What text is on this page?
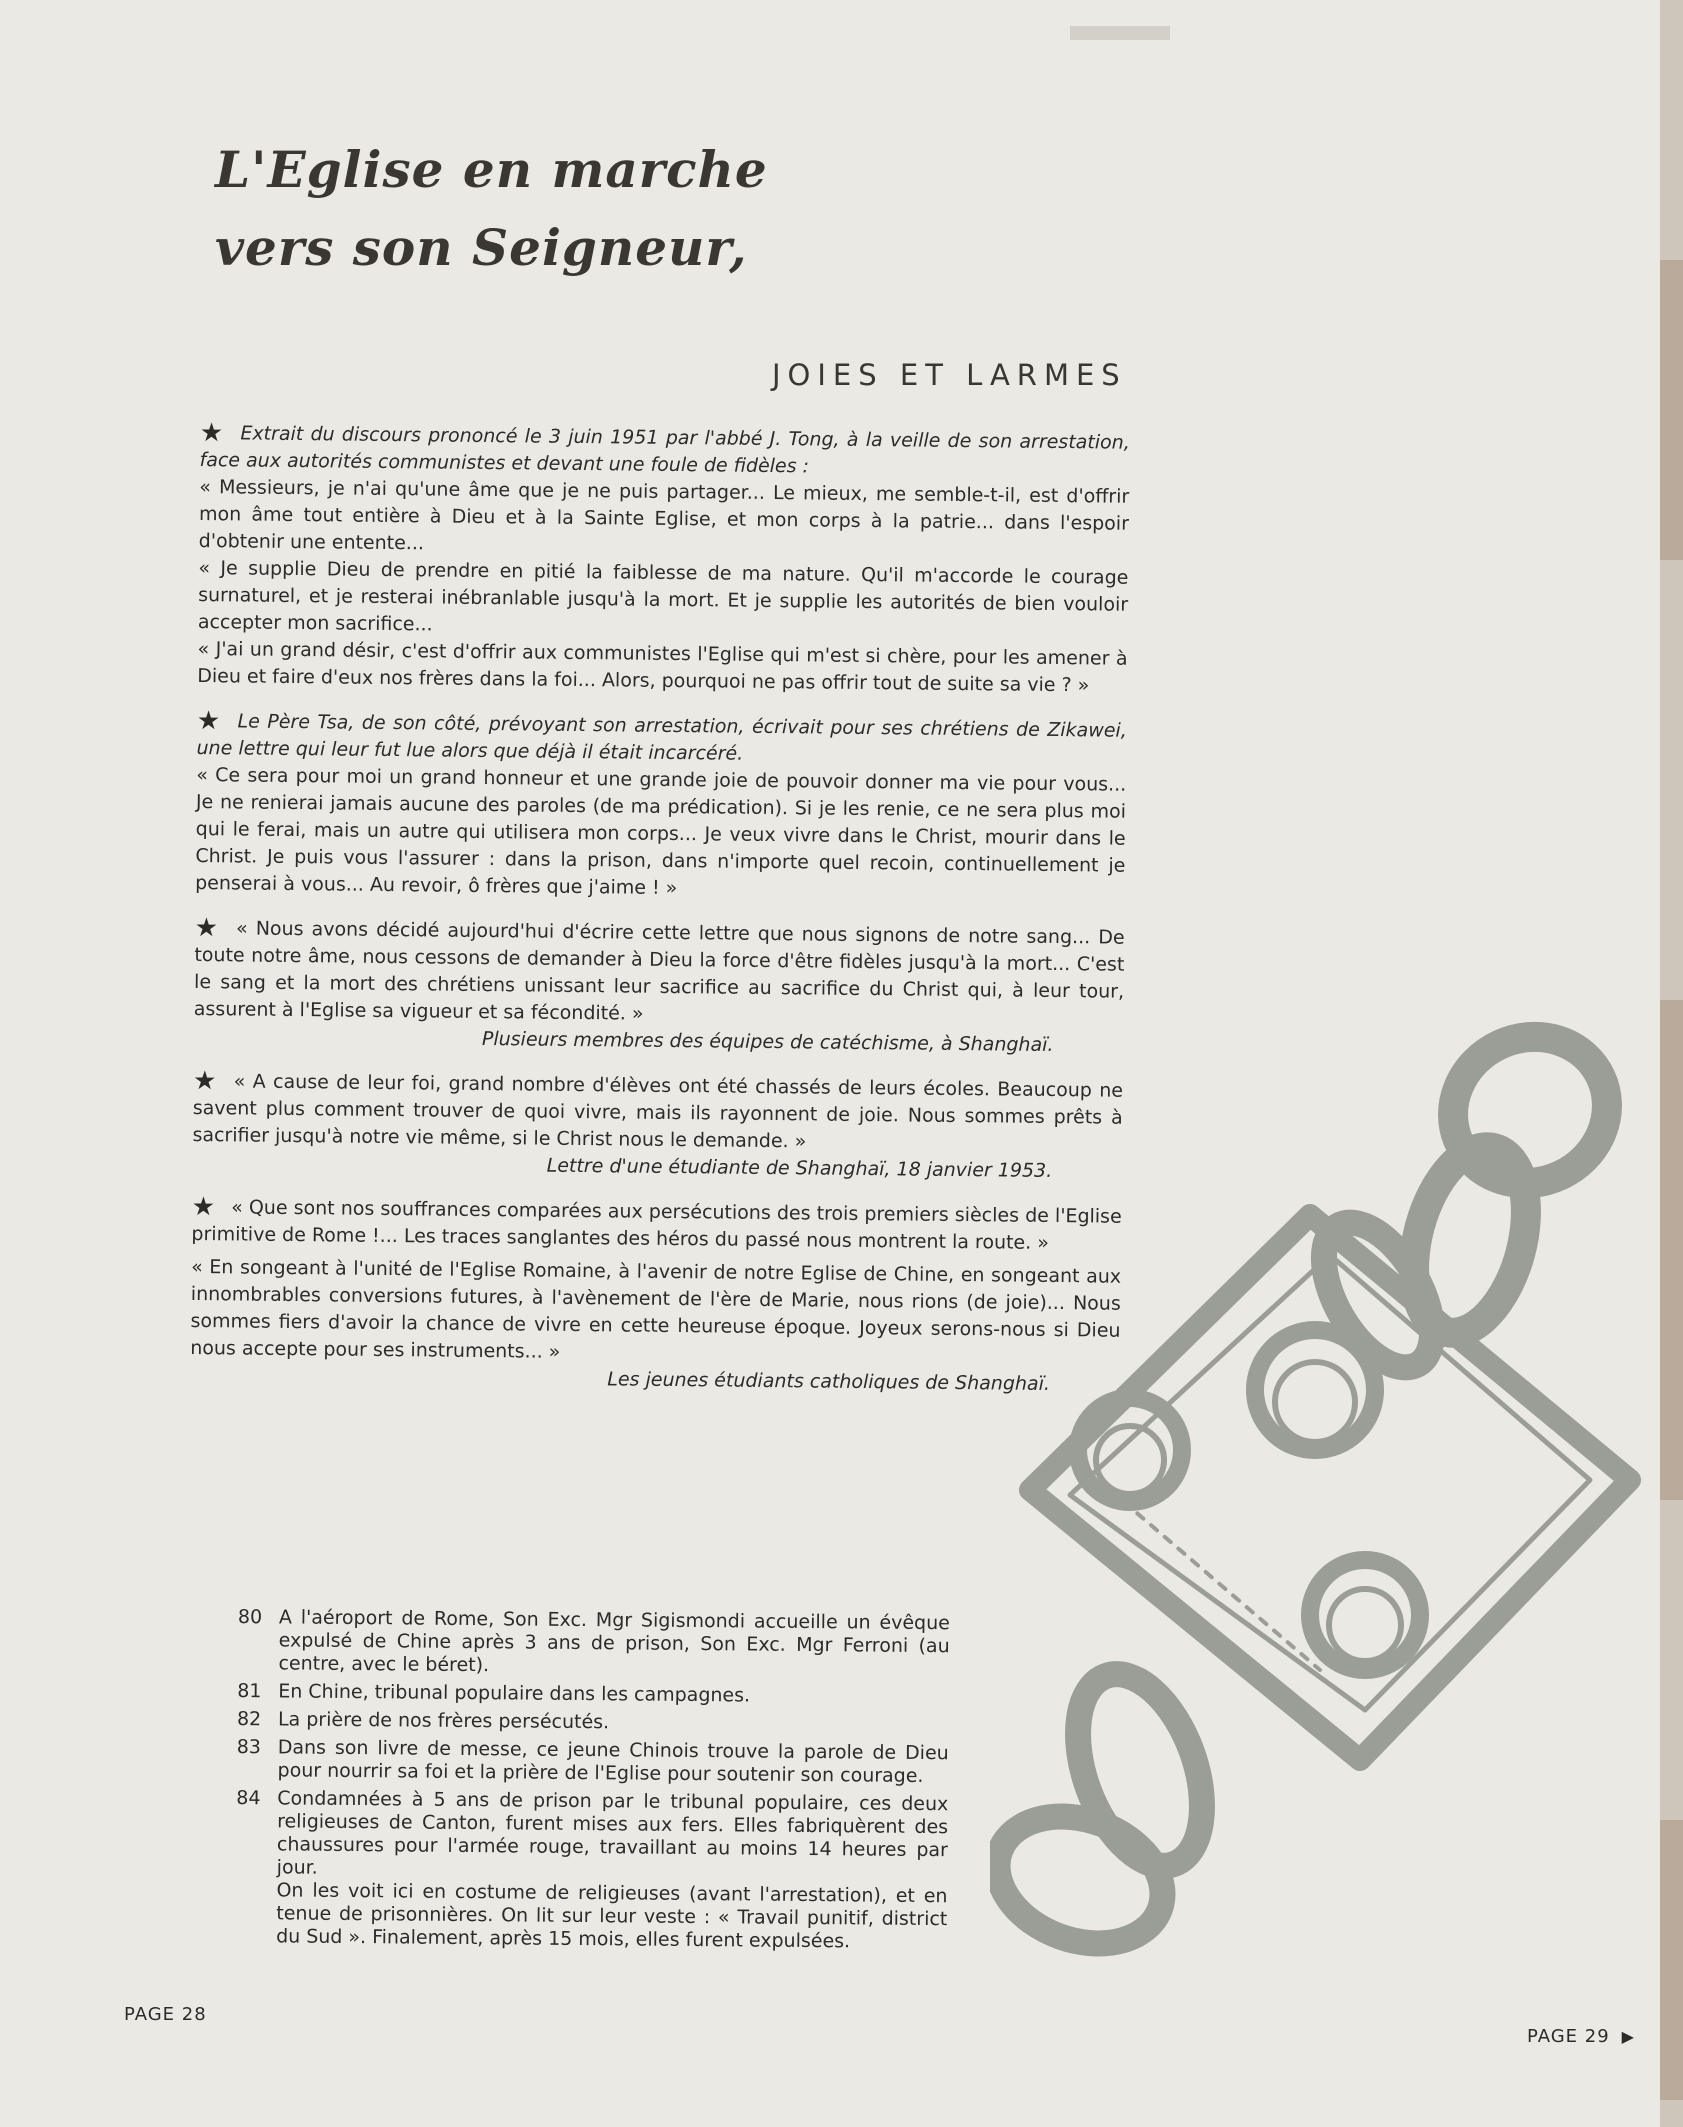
L'Eglise en marche
vers son Seigneur,
JOIES ET LARMES

★ Extrait du discours prononcé le 3 juin 1951 par l'abbé J. Tong, à la veille de son arrestation, face aux autorités communistes et devant une foule de fidèles :

« Messieurs, je n'ai qu'une âme que je ne puis partager... Le mieux, me semble-t-il, est d'offrir mon âme tout entière à Dieu et à la Sainte Eglise, et mon corps à la patrie... dans l'espoir d'obtenir une entente...

« Je supplie Dieu de prendre en pitié la faiblesse de ma nature. Qu'il m'accorde le courage surnaturel, et je resterai inébranlable jusqu'à la mort. Et je supplie les autorités de bien vouloir accepter mon sacrifice...

« J'ai un grand désir, c'est d'offrir aux communistes l'Eglise qui m'est si chère, pour les amener à Dieu et faire d'eux nos frères dans la foi... Alors, pourquoi ne pas offrir tout de suite sa vie ? »

★ Le Père Tsa, de son côté, prévoyant son arrestation, écrivait pour ses chrétiens de Zikawei, une lettre qui leur fut lue alors que déjà il était incarcéré.

« Ce sera pour moi un grand honneur et une grande joie de pouvoir donner ma vie pour vous... Je ne renierai jamais aucune des paroles (de ma prédication). Si je les renie, ce ne sera plus moi qui le ferai, mais un autre qui utilisera mon corps... Je veux vivre dans le Christ, mourir dans le Christ. Je puis vous l'assurer : dans la prison, dans n'importe quel recoin, continuellement je penserai à vous... Au revoir, ô frères que j'aime ! »

★ « Nous avons décidé aujourd'hui d'écrire cette lettre que nous signons de notre sang... De toute notre âme, nous cessons de demander à Dieu la force d'être fidèles jusqu'à la mort... C'est le sang et la mort des chrétiens unissant leur sacrifice au sacrifice du Christ qui, à leur tour, assurent à l'Eglise sa vigueur et sa fécondité. »

Plusieurs membres des équipes de catéchisme, à Shanghaï.

★ « A cause de leur foi, grand nombre d'élèves ont été chassés de leurs écoles. Beaucoup ne savent plus comment trouver de quoi vivre, mais ils rayonnent de joie. Nous sommes prêts à sacrifier jusqu'à notre vie même, si le Christ nous le demande. »

Lettre d'une étudiante de Shanghaï, 18 janvier 1953.

★ « Que sont nos souffrances comparées aux persécutions des trois premiers siècles de l'Eglise primitive de Rome !... Les traces sanglantes des héros du passé nous montrent la route. »

« En songeant à l'unité de l'Eglise Romaine, à l'avenir de notre Eglise de Chine, en songeant aux innombrables conversions futures, à l'avènement de l'ère de Marie, nous rions (de joie)... Nous sommes fiers d'avoir la chance de vivre en cette heureuse époque. Joyeux serons-nous si Dieu nous accepte pour ses instruments... »

Les jeunes étudiants catholiques de Shanghaï.

80 A l'aéroport de Rome, Son Exc. Mgr Sigismondi accueille un évêque expulsé de Chine après 3 ans de prison, Son Exc. Mgr Ferroni (au centre, avec le béret).

81 En Chine, tribunal populaire dans les campagnes.

82 La prière de nos frères persécutés.

83 Dans son livre de messe, ce jeune Chinois trouve la parole de Dieu pour nourrir sa foi et la prière de l'Eglise pour soutenir son courage.

84 Condamnées à 5 ans de prison par le tribunal populaire, ces deux religieuses de Canton, furent mises aux fers. Elles fabriquèrent des chaussures pour l'armée rouge, travaillant au moins 14 heures par jour.

On les voit ici en costume de religieuses (avant l'arrestation), et en tenue de prisonnières. On lit sur leur veste : « Travail punitif, district du Sud ». Finalement, après 15 mois, elles furent expulsées.

PAGE 28
PAGE 29 ▶
